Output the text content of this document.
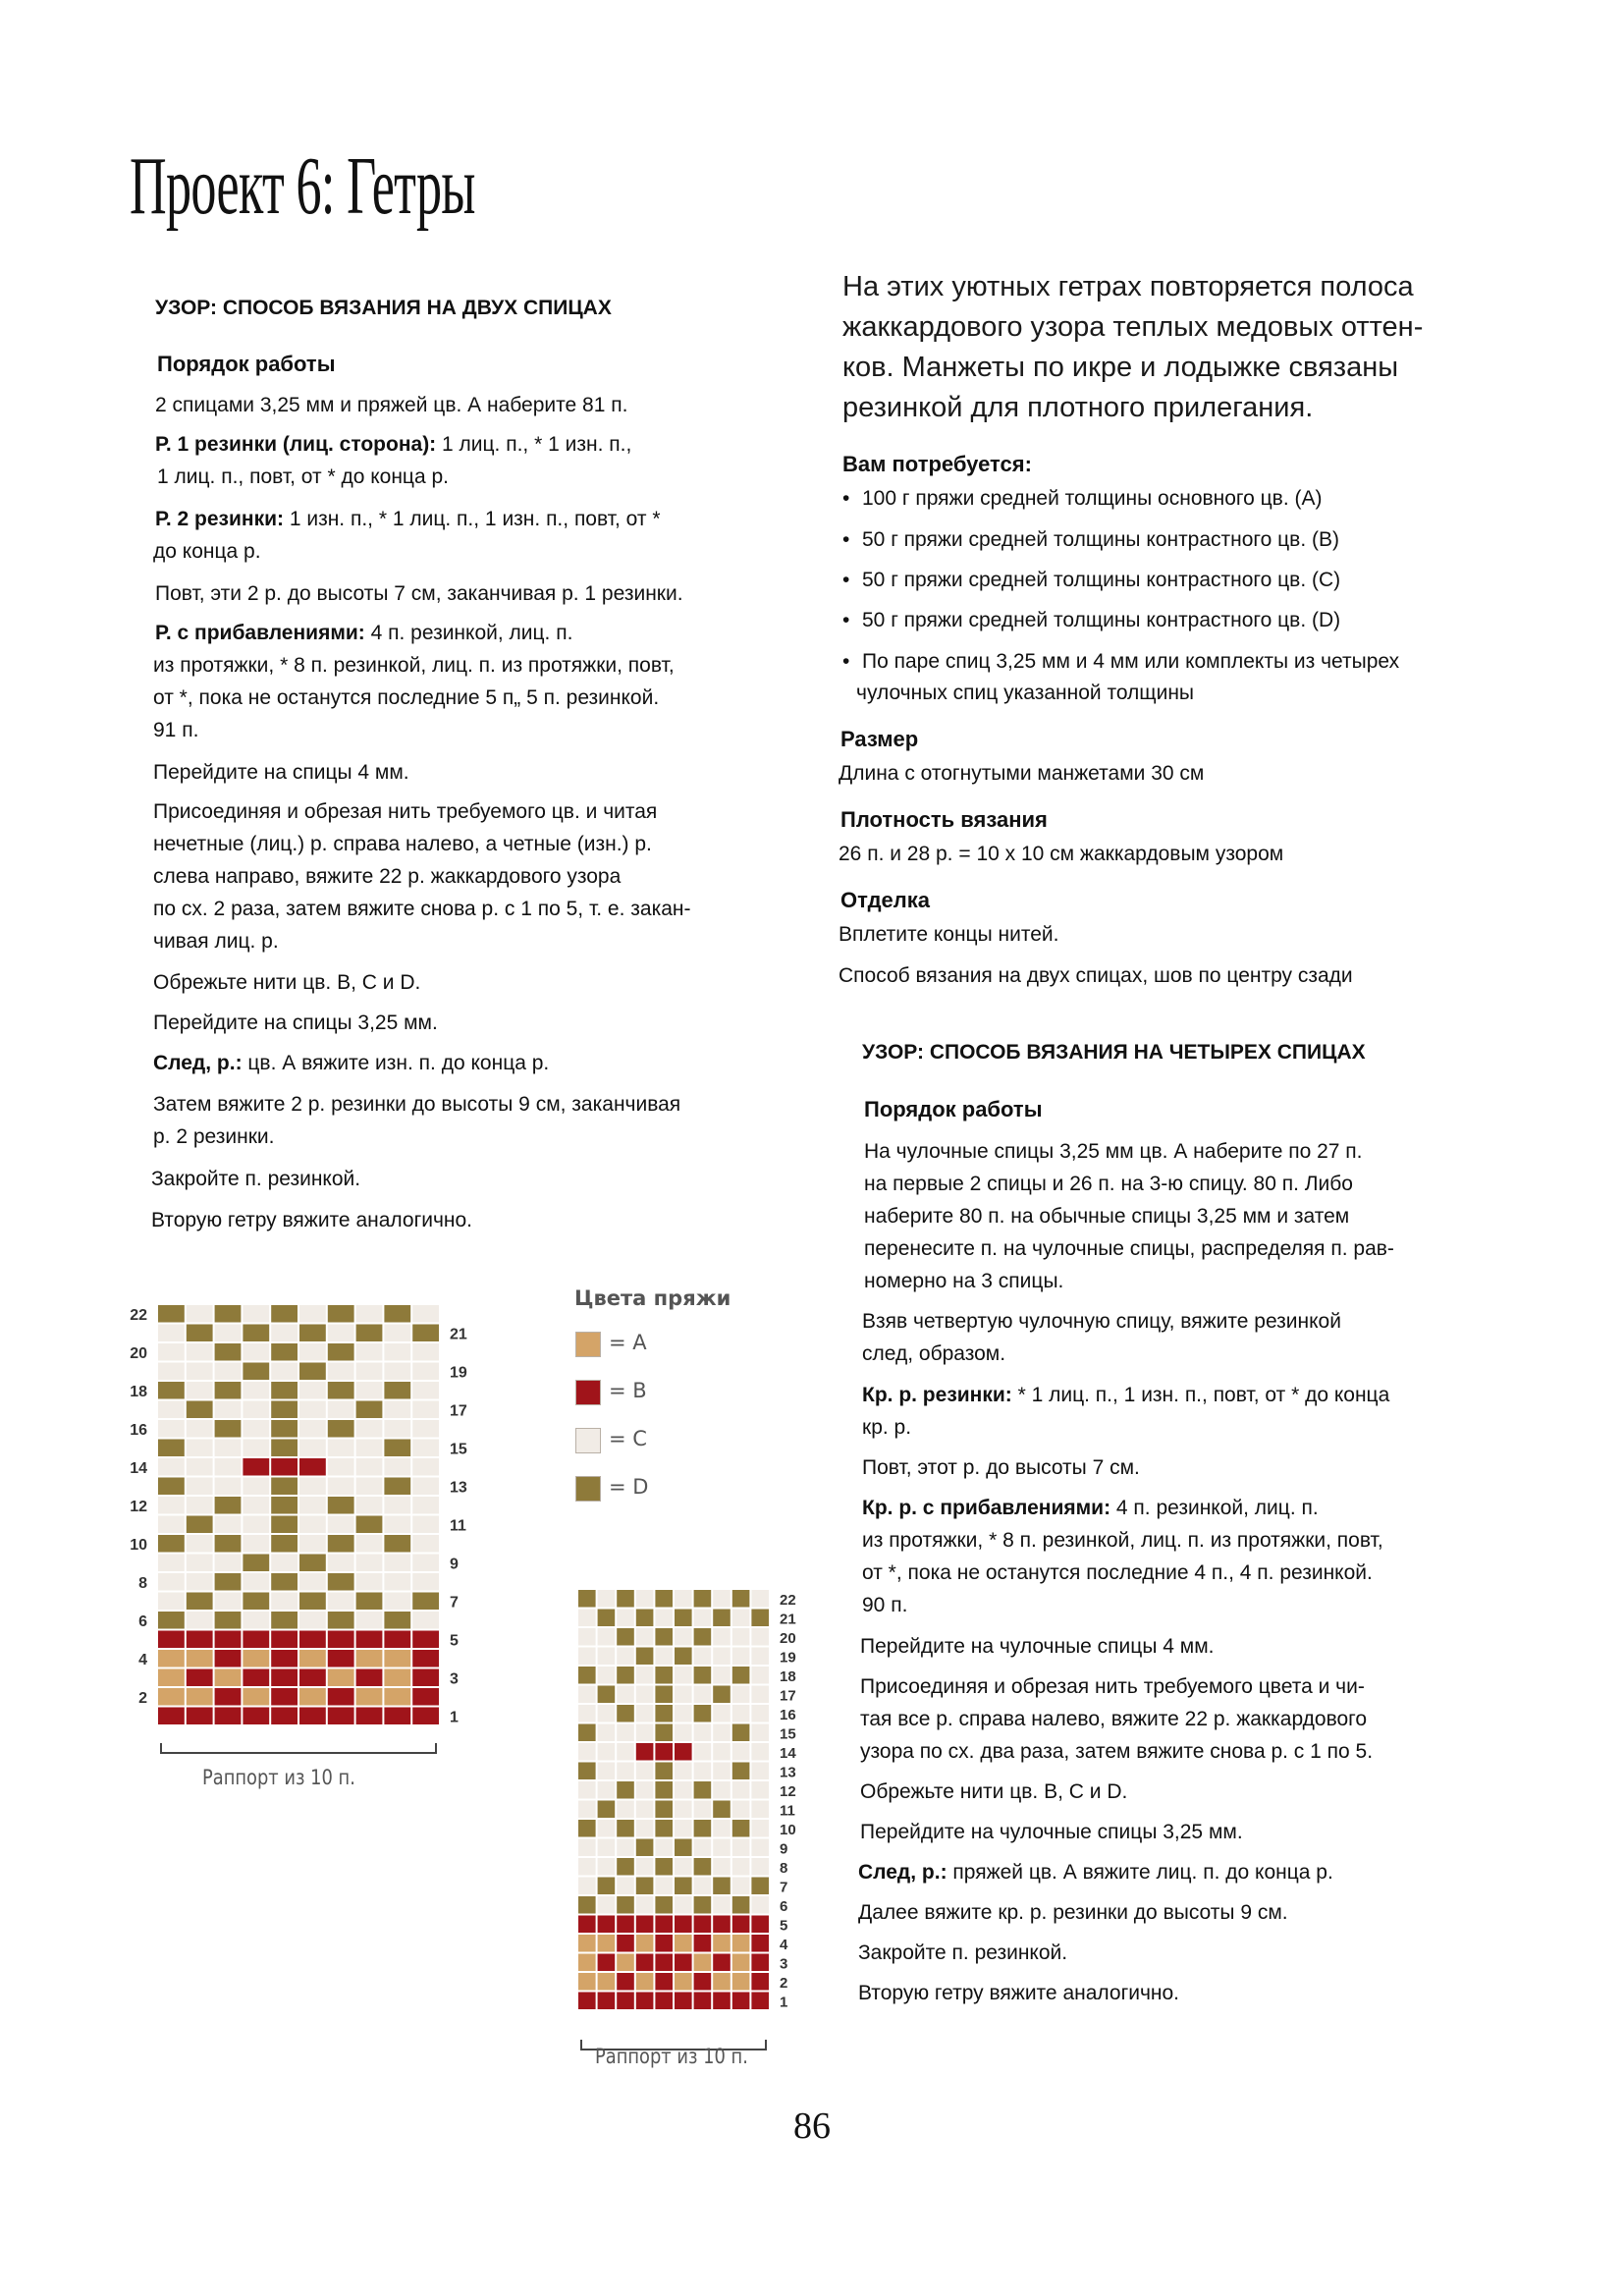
Проект 6: Гетры
УЗОР: СПОСОБ ВЯЗАНИЯ НА ДВУХ СПИЦАХ
Порядок работы
2 спицами 3,25 мм и пряжей цв. А наберите 81 п.
Р. 1 резинки (лиц. сторона): 1 лиц. п., * 1 изн. п.,
1 лиц. п., повт, от * до конца р.
Р. 2 резинки: 1 изн. п., * 1 лиц. п., 1 изн. п., повт, от *
до конца р.
Повт, эти 2 р. до высоты 7 см, заканчивая р. 1 резинки.
Р. с прибавлениями: 4 п. резинкой, лиц. п.
из протяжки, * 8 п. резинкой, лиц. п. из протяжки, повт,
от *, пока не останутся последние 5 п„ 5 п. резинкой.
91 п.
Перейдите на спицы 4 мм.
Присоединяя и обрезая нить требуемого цв. и читая
нечетные (лиц.) р. справа налево, а четные (изн.) р.
слева направо, вяжите 22 р. жаккардового узора
по сх. 2 раза, затем вяжите снова р. с 1 по 5, т. е. закан-
чивая лиц. р.
Обрежьте нити цв. В, С и D.
Перейдите на спицы 3,25 мм.
След, р.: цв. А вяжите изн. п. до конца р.
Затем вяжите 2 р. резинки до высоты 9 см, заканчивая
р. 2 резинки.
Закройте п. резинкой.
Вторую гетру вяжите аналогично.
На этих уютных гетрах повторяется полоса
жаккардового узора теплых медовых оттен-
ков. Манжеты по икре и лодыжке связаны
резинкой для плотного прилегания.
Вам потребуется:
• 100 г пряжи средней толщины основного цв. (А)
• 50 г пряжи средней толщины контрастного цв. (В)
• 50 г пряжи средней толщины контрастного цв. (С)
• 50 г пряжи средней толщины контрастного цв. (D)
• По паре спиц 3,25 мм и 4 мм или комплекты из четырех
чулочных спиц указанной толщины
Размер
Длина с отогнутыми манжетами 30 см
Плотность вязания
26 п. и 28 р. = 10 х 10 см жаккардовым узором
Отделка
Вплетите концы нитей.
Способ вязания на двух спицах, шов по центру сзади
УЗОР: СПОСОБ ВЯЗАНИЯ НА ЧЕТЫРЕХ СПИЦАХ
Порядок работы
На чулочные спицы 3,25 мм цв. А наберите по 27 п.
на первые 2 спицы и 26 п. на 3-ю спицу. 80 п. Либо
наберите 80 п. на обычные спицы 3,25 мм и затем
перенесите п. на чулочные спицы, распределяя п. рав-
номерно на 3 спицы.
Взяв четвертую чулочную спицу, вяжите резинкой
след, образом.
Кр. р. резинки: * 1 лиц. п., 1 изн. п., повт, от * до конца
кр. р.
Повт, этот р. до высоты 7 см.
Кр. р. с прибавлениями: 4 п. резинкой, лиц. п.
из протяжки, * 8 п. резинкой, лиц. п. из протяжки, повт,
от *, пока не останутся последние 4 п., 4 п. резинкой.
90 п.
Перейдите на чулочные спицы 4 мм.
Присоединяя и обрезая нить требуемого цвета и чи-
тая все р. справа налево, вяжите 22 р. жаккардового
узора по сх. два раза, затем вяжите снова р. с 1 по 5.
Обрежьте нити цв. В, С и D.
Перейдите на чулочные спицы 3,25 мм.
След, р.: пряжей цв. А вяжите лиц. п. до конца р.
Далее вяжите кр. р. резинки до высоты 9 см.
Закройте п. резинкой.
Вторую гетру вяжите аналогично.
2
4
6
8
10
12
14
16
18
20
22
1
3
5
7
9
11
13
15
17
19
21
1
2
3
4
5
6
7
8
9
10
11
12
13
14
15
16
17
18
19
20
21
22
Цвета пряжи
= A
= B
= C
= D
Раппорт из 10 п.
Раппорт из 10 п.
86
